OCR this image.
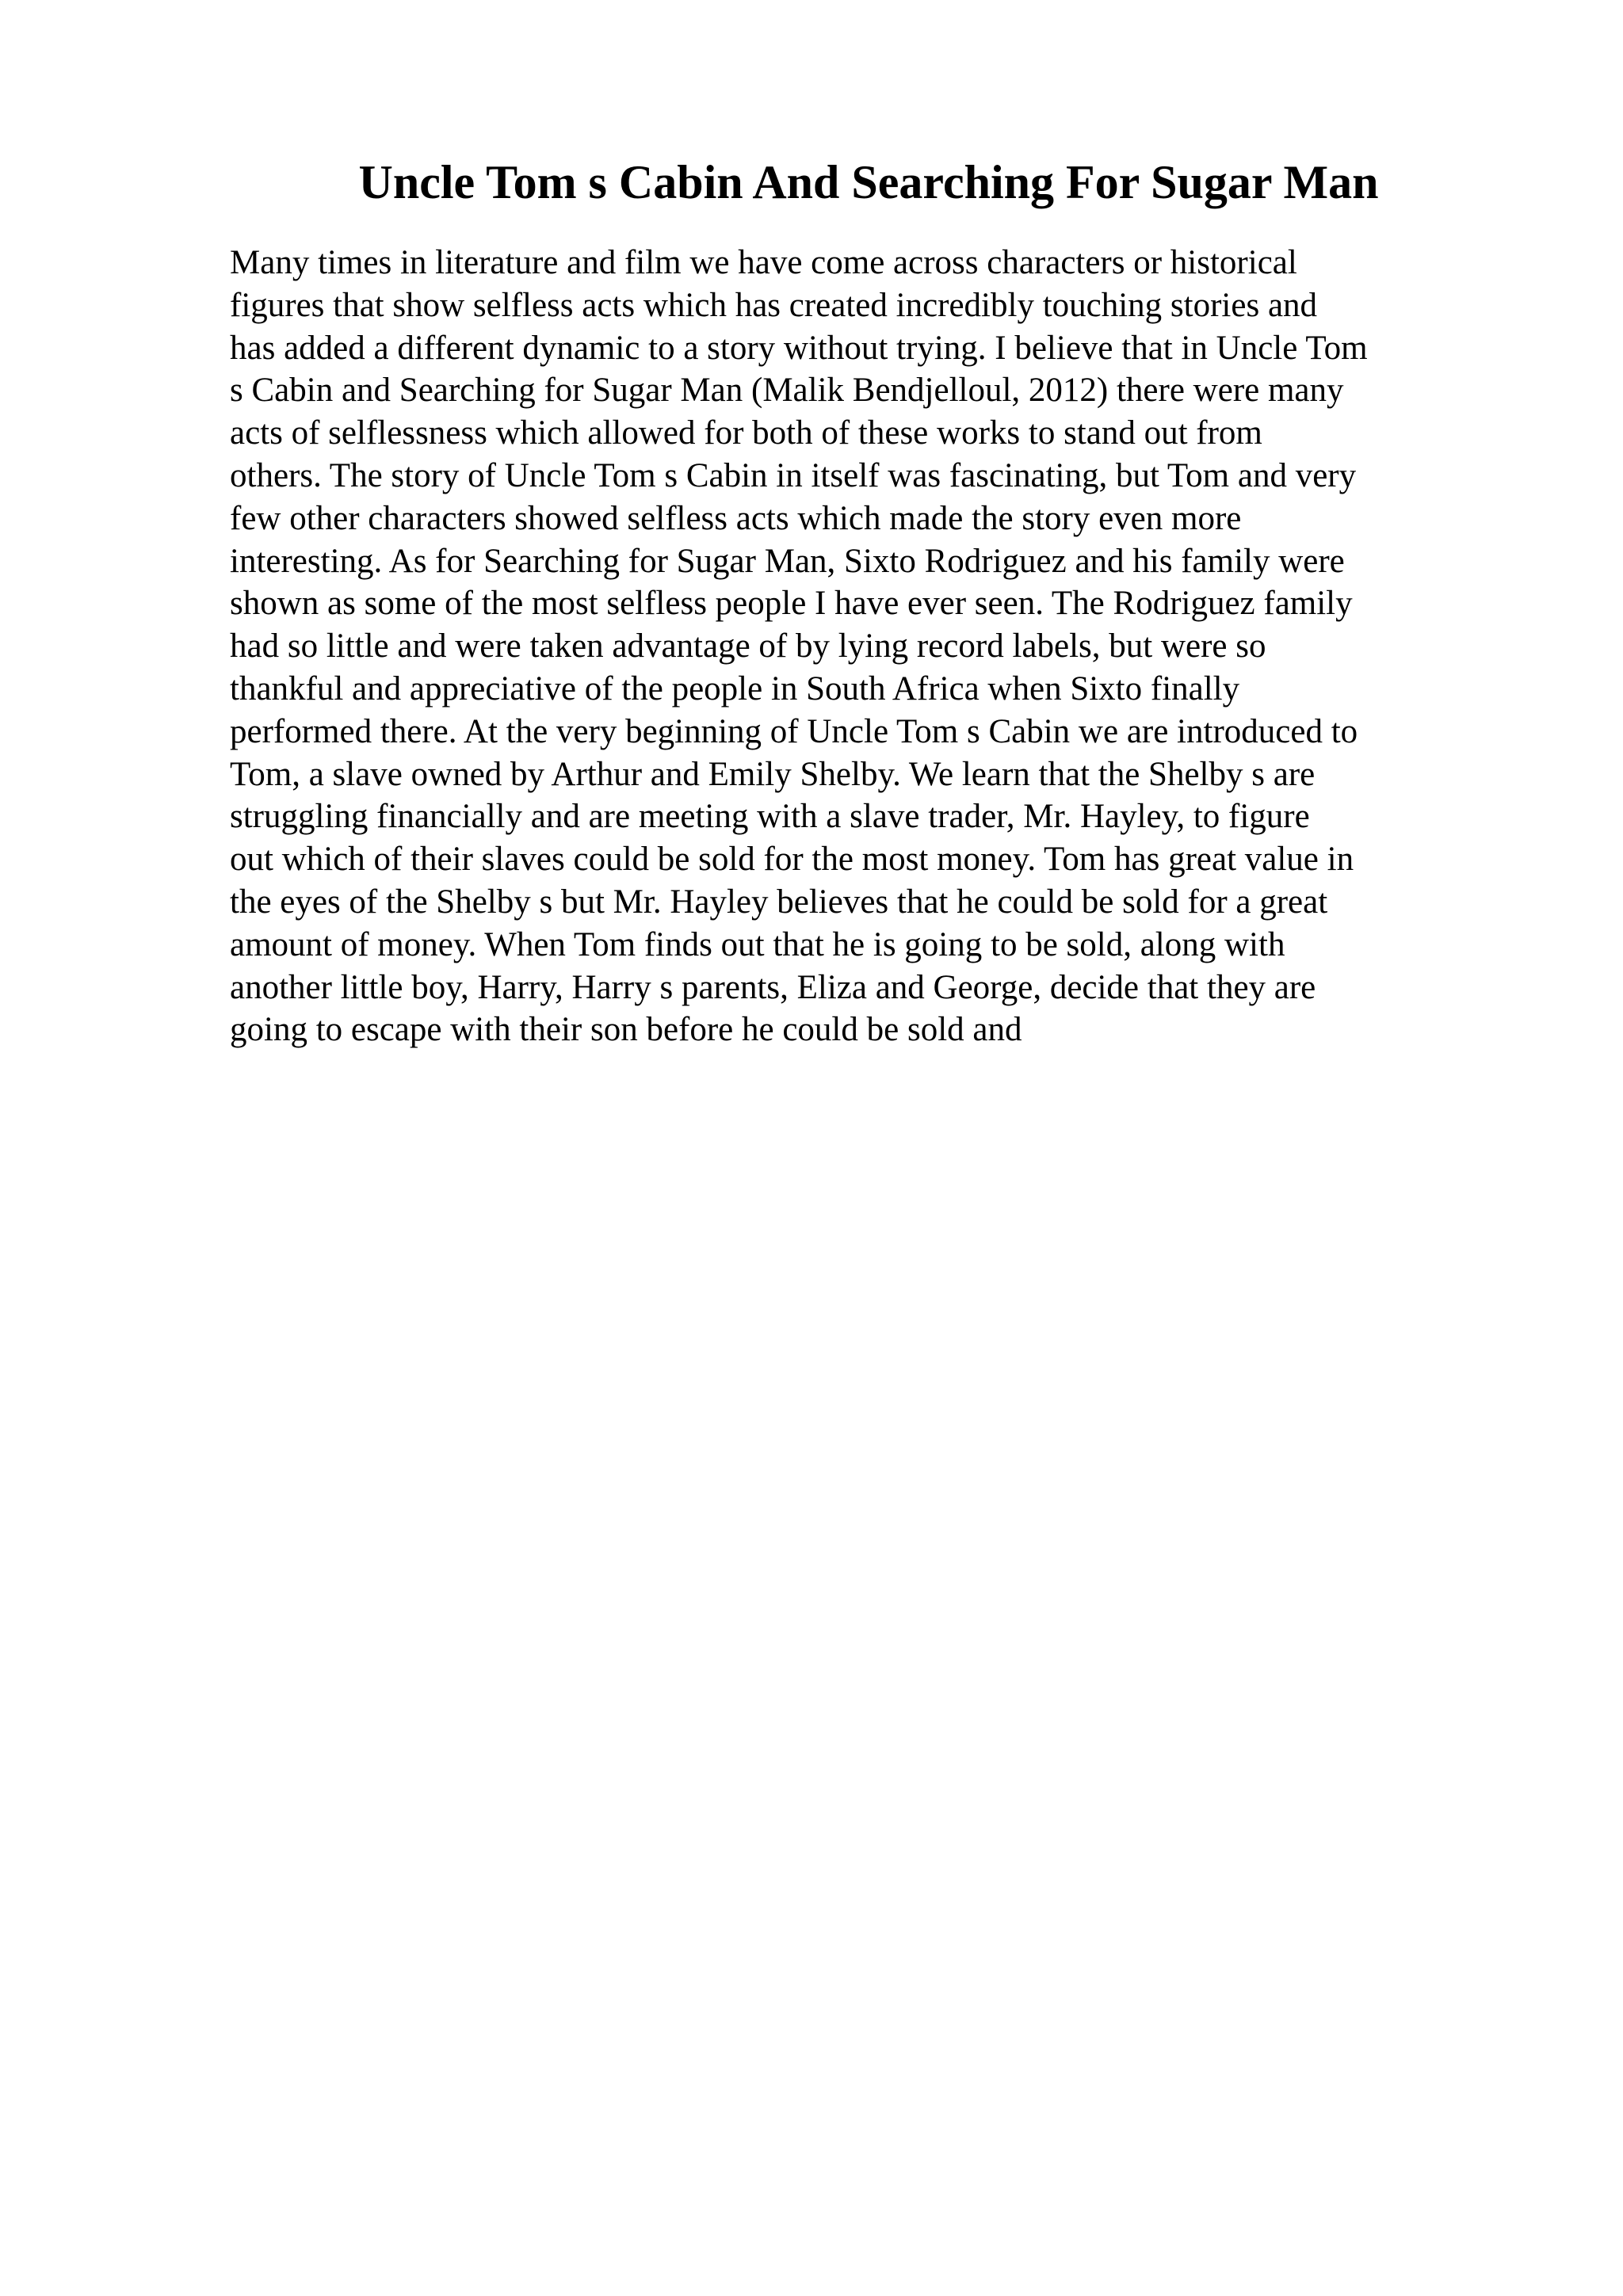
Uncle Tom s Cabin And Searching For Sugar Man

Many times in literature and film we have come across characters or historical
figures that show selfless acts which has created incredibly touching stories and
has added a different dynamic to a story without trying. I believe that in Uncle Tom
s Cabin and Searching for Sugar Man (Malik Bendjelloul, 2012) there were many
acts of selflessness which allowed for both of these works to stand out from
others. The story of Uncle Tom s Cabin in itself was fascinating, but Tom and very
few other characters showed selfless acts which made the story even more
interesting. As for Searching for Sugar Man, Sixto Rodriguez and his family were
shown as some of the most selfless people I have ever seen. The Rodriguez family
had so little and were taken advantage of by lying record labels, but were so
thankful and appreciative of the people in South Africa when Sixto finally
performed there. At the very beginning of Uncle Tom s Cabin we are introduced to
Tom, a slave owned by Arthur and Emily Shelby. We learn that the Shelby s are
struggling financially and are meeting with a slave trader, Mr. Hayley, to figure
out which of their slaves could be sold for the most money. Tom has great value in
the eyes of the Shelby s but Mr. Hayley believes that he could be sold for a great
amount of money. When Tom finds out that he is going to be sold, along with
another little boy, Harry, Harry s parents, Eliza and George, decide that they are
going to escape with their son before he could be sold and
